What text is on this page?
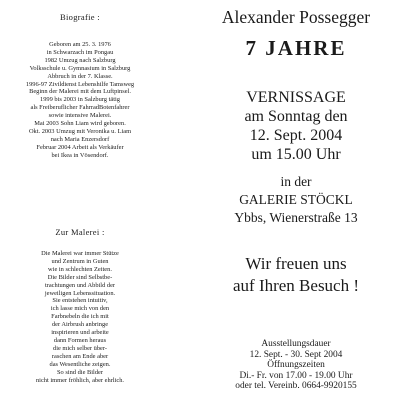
Biografie :
Geboren am 25. 3. 1976
in Schwarzach im Pongau
1982 Umzug nach Salzburg
Volksschule u. Gymnasium in Salzburg
Abbruch in der 7. Klasse.
1996-97 Zivildienst Lebenshilfe Tamsweg
Beginn der Malerei mit dem Luftpinsel.
1999 bis 2003 in Salzburg tätig
als Freiberuflicher FahrradBotenfahrer
sowie intensive Malerei.
Mai 2003 Sohn Liam wird geboren.
Okt. 2003 Umzug mit Veronika u. Liam
nach Maria Enzersdorf
Februar 2004 Arbeit als Verkäufer
bei Ikea in Vösendorf.
Zur Malerei :
Die Malerei war immer Stütze
und Zentrum in Guten
wie in schlechten Zeiten.
Die Bilder sind Selbstbe-
trachtungen und Abbild der
jeweiligen Lebenssituation.
Sie entstehen intuitiv,
ich lasse mich von den
Farbnebeln die ich mit
der Airbrush anbringe
inspirieren und arbeite
dann Formen heraus
die mich selber über-
raschen am Ende aber
das Wesentliche zeigen.
So sind die Bilder
nicht immer fröhlich, aber ehrlich.
Alexander Possegger
7 JAHRE
VERNISSAGE
am Sonntag den
12. Sept. 2004
um 15.00 Uhr
in der
GALERIE STÖCKL
Ybbs, Wienerstraße 13
Wir freuen uns
auf Ihren Besuch !
Ausstellungsdauer
12. Sept. - 30. Sept 2004
Öffnungszeiten
Di.- Fr. von 17.00 - 19.00 Uhr
oder tel. Vereinb. 0664-9920155
